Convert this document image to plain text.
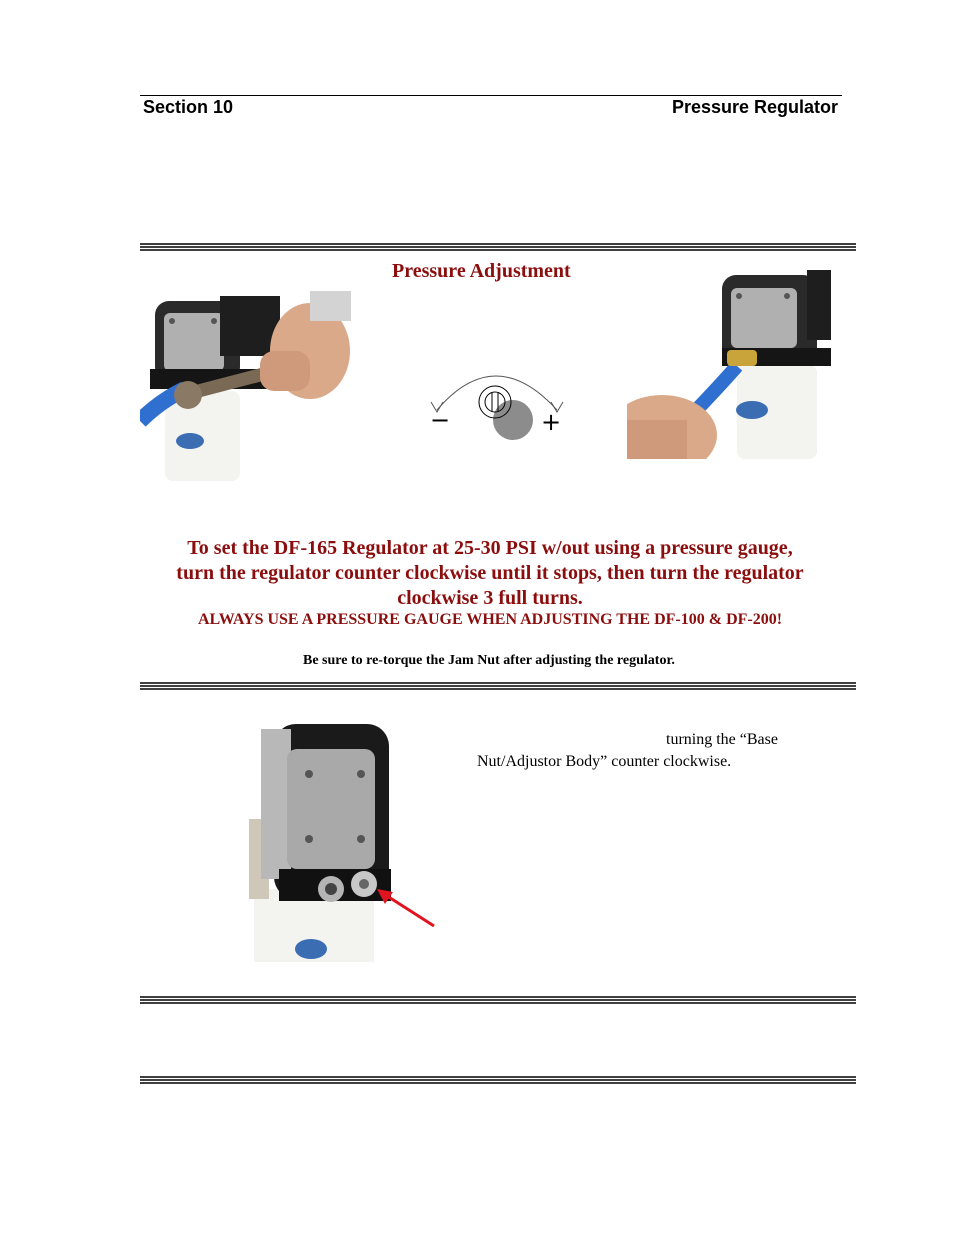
Section 10	Pressure Regulator
Pressure Adjustment
−	+
To set the DF-165 Regulator at 25-30 PSI w/out using a pressure gauge,
turn the regulator counter clockwise until it stops, then turn the regulator
clockwise 3 full turns.
ALWAYS USE A PRESSURE GAUGE WHEN ADJUSTING THE DF-100 & DF-200!
Be sure to re-torque the Jam Nut after adjusting the regulator.
turning the “Base
Nut/Adjustor Body” counter clockwise.
